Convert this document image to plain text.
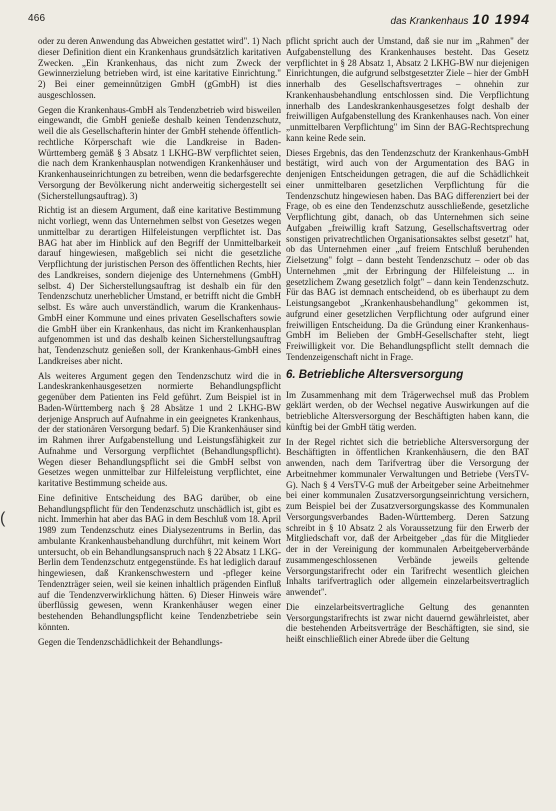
466	das Krankenhaus 10 1994
(

oder zu deren Anwendung das Abweichen gestattet wird". 1) Nach dieser Definition dient ein Krankenhaus grundsätzlich karitativen Zwecken. „Ein Krankenhaus, das nicht zum Zweck der Gewinnerzielung betrieben wird, ist eine karitative Einrichtung." 2) Bei einer gemeinnützigen GmbH (gGmbH) ist dies ausgeschlossen.

Gegen die Krankenhaus-GmbH als Tendenzbetrieb wird bisweilen eingewandt, die GmbH genieße deshalb keinen Tendenzschutz, weil die als Gesellschafterin hinter der GmbH stehende öffentlich-rechtliche Körperschaft wie die Landkreise in Baden-Württemberg gemäß § 3 Absatz 1 LKHG-BW verpflichtet seien, die nach dem Krankenhausplan notwendigen Krankenhäuser und Krankenhauseinrichtungen zu betreiben, wenn die bedarfsgerechte Versorgung der Bevölkerung nicht anderweitig sichergestellt sei (Sicherstellungsauftrag). 3)

Richtig ist an diesem Argument, daß eine karitative Bestimmung nicht vorliegt, wenn das Unternehmen selbst von Gesetzes wegen unmittelbar zu derartigen Hilfeleistungen verpflichtet ist. Das BAG hat aber im Hinblick auf den Begriff der Unmittelbarkeit darauf hingewiesen, maßgeblich sei nicht die gesetzliche Verpflichtung der juristischen Person des öffentlichen Rechts, hier des Landkreises, sondern diejenige des Unternehmens (GmbH) selbst. 4) Der Sicherstellungsauftrag ist deshalb ein für den Tendenzschutz unerheblicher Umstand, er betrifft nicht die GmbH selbst. Es wäre auch unverständlich, warum die Krankenhaus-GmbH einer Kommune und eines privaten Gesellschafters sowie die GmbH über ein Krankenhaus, das nicht im Krankenhausplan aufgenommen ist und das deshalb keinen Sicherstellungsauftrag hat, Tendenzschutz genießen soll, der Krankenhaus-GmbH eines Landkreises aber nicht.

Als weiteres Argument gegen den Tendenzschutz wird die in Landeskrankenhausgesetzen normierte Behandlungspflicht gegenüber dem Patienten ins Feld geführt. Zum Beispiel ist in Baden-Württemberg nach § 28 Absätze 1 und 2 LKHG-BW derjenige Anspruch auf Aufnahme in ein geeignetes Krankenhaus, der der stationären Versorgung bedarf. 5) Die Krankenhäuser sind im Rahmen ihrer Aufgabenstellung und Leistungsfähigkeit zur Aufnahme und Versorgung verpflichtet (Behandlungspflicht). Wegen dieser Behandlungspflicht sei die GmbH selbst von Gesetzes wegen unmittelbar zur Hilfeleistung verpflichtet, eine karitative Bestimmung scheide aus.

Eine definitive Entscheidung des BAG darüber, ob eine Behandlungspflicht für den Tendenzschutz unschädlich ist, gibt es nicht. Immerhin hat aber das BAG in dem Beschluß vom 18. April 1989 zum Tendenzschutz eines Dialysezentrums in Berlin, das ambulante Krankenhausbehandlung durchführt, mit keinem Wort untersucht, ob ein Behandlungsanspruch nach § 22 Absatz 1 LKG-Berlin dem Tendenzschutz entgegenstünde. Es hat lediglich darauf hingewiesen, daß Krankenschwestern und -pfleger keine Tendenzträger seien, weil sie keinen inhaltlich prägenden Einfluß auf die Tendenzverwirklichung hätten. 6) Dieser Hinweis wäre überflüssig gewesen, wenn Krankenhäuser wegen einer bestehenden Behandlungspflicht keine Tendenzbetriebe sein könnten.

Gegen die Tendenzschädlichkeit der Behandlungs-

pflicht spricht auch der Umstand, daß sie nur im „Rahmen" der Aufgabenstellung des Krankenhauses besteht. Das Gesetz verpflichtet in § 28 Absatz 1, Absatz 2 LKHG-BW nur diejenigen Einrichtungen, die aufgrund selbstgesetzter Ziele – hier der GmbH innerhalb des Gesellschaftsvertrages – ohnehin zur Krankenhausbehandlung entschlossen sind. Die Verpflichtung innerhalb des Landeskrankenhausgesetzes folgt deshalb der freiwilligen Aufgabenstellung des Krankenhauses nach. Von einer „unmittelbaren Verpflichtung" im Sinn der BAG-Rechtsprechung kann keine Rede sein.

Dieses Ergebnis, das den Tendenzschutz der Krankenhaus-GmbH bestätigt, wird auch von der Argumentation des BAG in denjenigen Entscheidungen getragen, die auf die Schädlichkeit einer unmittelbaren gesetzlichen Verpflichtung für die Tendenzschutz hingewiesen haben. Das BAG differenziert bei der Frage, ob es eine den Tendenzschutz ausschließende, gesetzliche Verpflichtung gibt, danach, ob das Unternehmen sich seine Aufgaben „freiwillig kraft Satzung, Gesellschaftsvertrag oder sonstigen privatrechtlichen Organisationsaktes selbst gesetzt" hat, ob das Unternehmen einer „auf freiem Entschluß beruhenden Zielsetzung" folgt – dann besteht Tendenzschutz – oder ob das Unternehmen „mit der Erbringung der Hilfeleistung ... in gesetzlichem Zwang gesetzlich folgt" – dann kein Tendenzschutz. Für das BAG ist demnach entscheidend, ob es überhaupt zu dem Leistungsangebot „Krankenhausbehandlung" gekommen ist, aufgrund einer gesetzlichen Verpflichtung oder aufgrund einer freiwilligen Entscheidung. Da die Gründung einer Krankenhaus-GmbH im Belieben der GmbH-Gesellschafter steht, liegt Freiwilligkeit vor. Die Behandlungspflicht stellt demnach die Tendenzeigenschaft nicht in Frage.

6. Betriebliche Altersversorgung

Im Zusammenhang mit dem Trägerwechsel muß das Problem geklärt werden, ob der Wechsel negative Auswirkungen auf die betriebliche Altersversorgung der Beschäftigten haben kann, die künftig bei der GmbH tätig werden.

In der Regel richtet sich die betriebliche Altersversorgung der Beschäftigten in öffentlichen Krankenhäusern, die den BAT anwenden, nach dem Tarifvertrag über die Versorgung der Arbeitnehmer kommunaler Verwaltungen und Betriebe (VersTV-G). Nach § 4 VersTV-G muß der Arbeitgeber seine Arbeitnehmer bei einer kommunalen Zusatzversorgungseinrichtung versichern, zum Beispiel bei der Zusatzversorgungskasse des Kommunalen Versorgungsverbandes Baden-Württemberg. Deren Satzung schreibt in § 10 Absatz 2 als Voraussetzung für den Erwerb der Mitgliedschaft vor, daß der Arbeitgeber „das für die Mitglieder der in der Vereinigung der kommunalen Arbeitgeberverbände zusammengeschlossenen Verbände jeweils geltende Versorgungstarifrecht oder ein Tarifrecht wesentlich gleichen Inhalts tarifvertraglich oder allgemein einzelarbeitsvertraglich anwendet".

Die einzelarbeitsvertragliche Geltung des genannten Versorgungstarifrechts ist zwar nicht dauernd gewährleistet, aber die bestehenden Arbeitsverträge der Beschäftigten, sie sind, sie heißt einschließlich einer Abrede über die Geltung
